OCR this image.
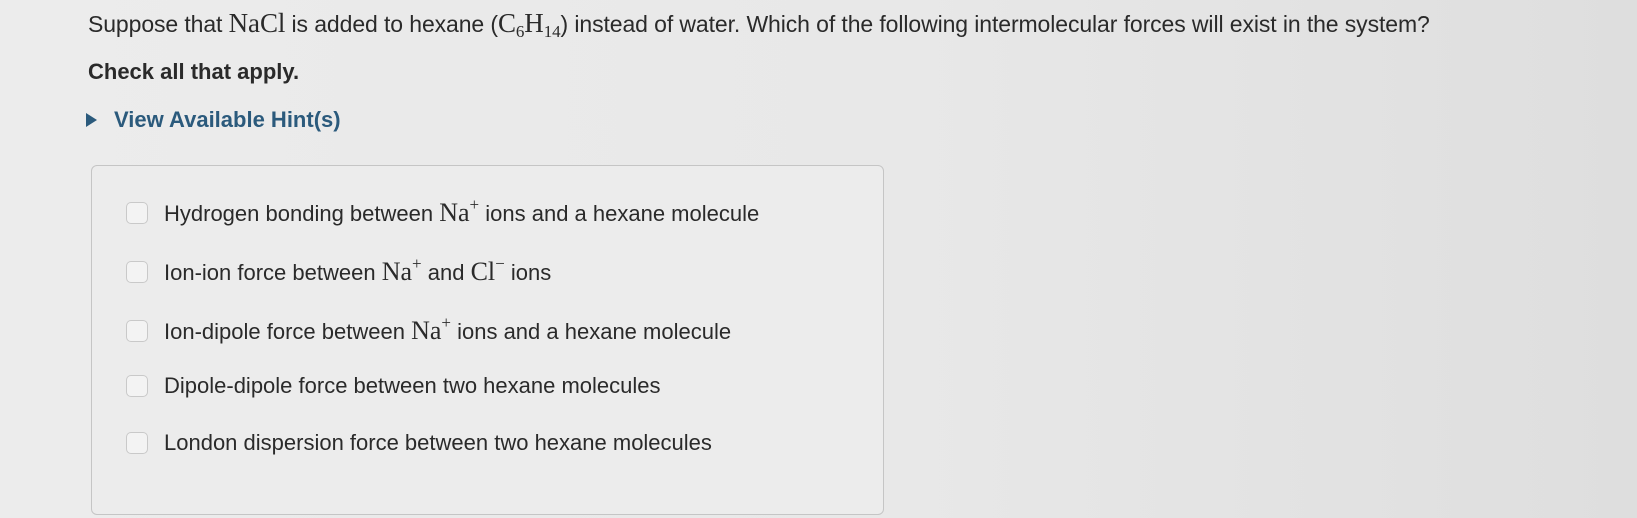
Suppose that NaCl is added to hexane $(C_6H_{14})$ instead of water. Which of the following intermolecular forces will exist in the system?
Check all that apply.
View Available Hint(s)
Hydrogen bonding between Na+ ions and a hexane molecule
Ion-ion force between Na+ and Cl− ions
Ion-dipole force between Na+ ions and a hexane molecule
Dipole-dipole force between two hexane molecules
London dispersion force between two hexane molecules
